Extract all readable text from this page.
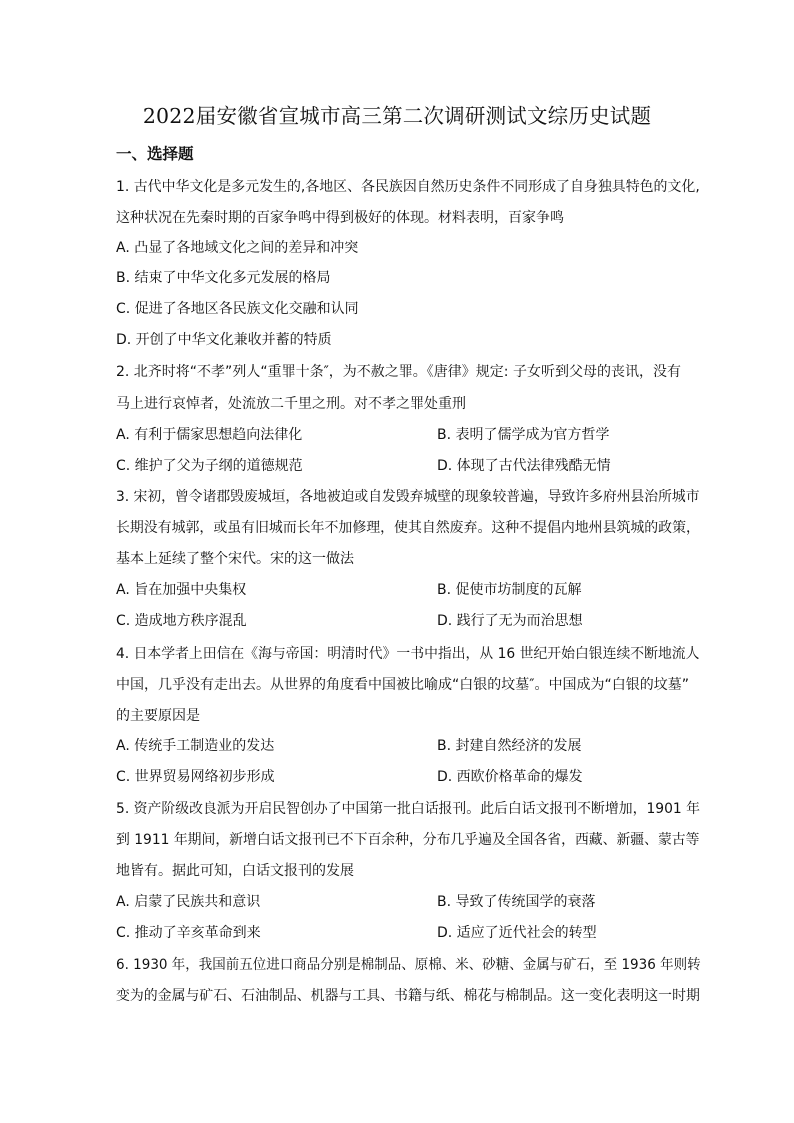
2022届安徽省宣城市高三第二次调研测试文综历史试题
一、选择题
1. 古代中华文化是多元发生的,各地区、各民族因自然历史条件不同形成了自身独具特色的文化,
这种状况在先秦时期的百家争鸣中得到极好的体现。材料表明，百家争鸣
A. 凸显了各地域文化之间的差异和冲突
B. 结束了中华文化多元发展的格局
C. 促进了各地区各民族文化交融和认同
D. 开创了中华文化兼收并蓄的特质
2. 北齐时将“不孝”列人“重罪十条″，为不赦之罪。《唐律》规定: 子女听到父母的丧讯，没有
马上进行哀悼者，处流放二千里之刑。对不孝之罪处重刑
A. 有利于儒家思想趋向法律化	B. 表明了儒学成为官方哲学
C. 维护了父为子纲的道德规范	D. 体现了古代法律残酷无情
3. 宋初，曾令诸郡毁废城垣，各地被迫或自发毁弃城壁的现象较普遍，导致许多府州县治所城市
长期没有城郭，或虽有旧城而长年不加修理，使其自然废弃。这种不提倡内地州县筑城的政策，
基本上延续了整个宋代。宋的这一做法
A. 旨在加强中央集权	B. 促使市坊制度的瓦解
C. 造成地方秩序混乱	D. 践行了无为而治思想
4. 日本学者上田信在《海与帝国：明清时代》一书中指出，从 16 世纪开始白银连续不断地流人
中国，几乎没有走出去。从世界的角度看中国被比喻成“白银的坟墓″。中国成为“白银的坟墓”
的主要原因是
A. 传统手工制造业的发达	B. 封建自然经济的发展
C. 世界贸易网络初步形成	D. 西欧价格革命的爆发
5. 资产阶级改良派为开启民智创办了中国第一批白话报刊。此后白话文报刊不断增加，1901 年
到 1911 年期间，新增白话文报刊已不下百余种，分布几乎遍及全国各省，西藏、新疆、蒙古等
地皆有。据此可知，白话文报刊的发展
A. 启蒙了民族共和意识	B. 导致了传统国学的衰落
C. 推动了辛亥革命到来	D. 适应了近代社会的转型
6. 1930 年，我国前五位进口商品分别是棉制品、原棉、米、砂糖、金属与矿石，至 1936 年则转
变为的金属与矿石、石油制品、机器与工具、书籍与纸、棉花与棉制品。这一变化表明这一时期
